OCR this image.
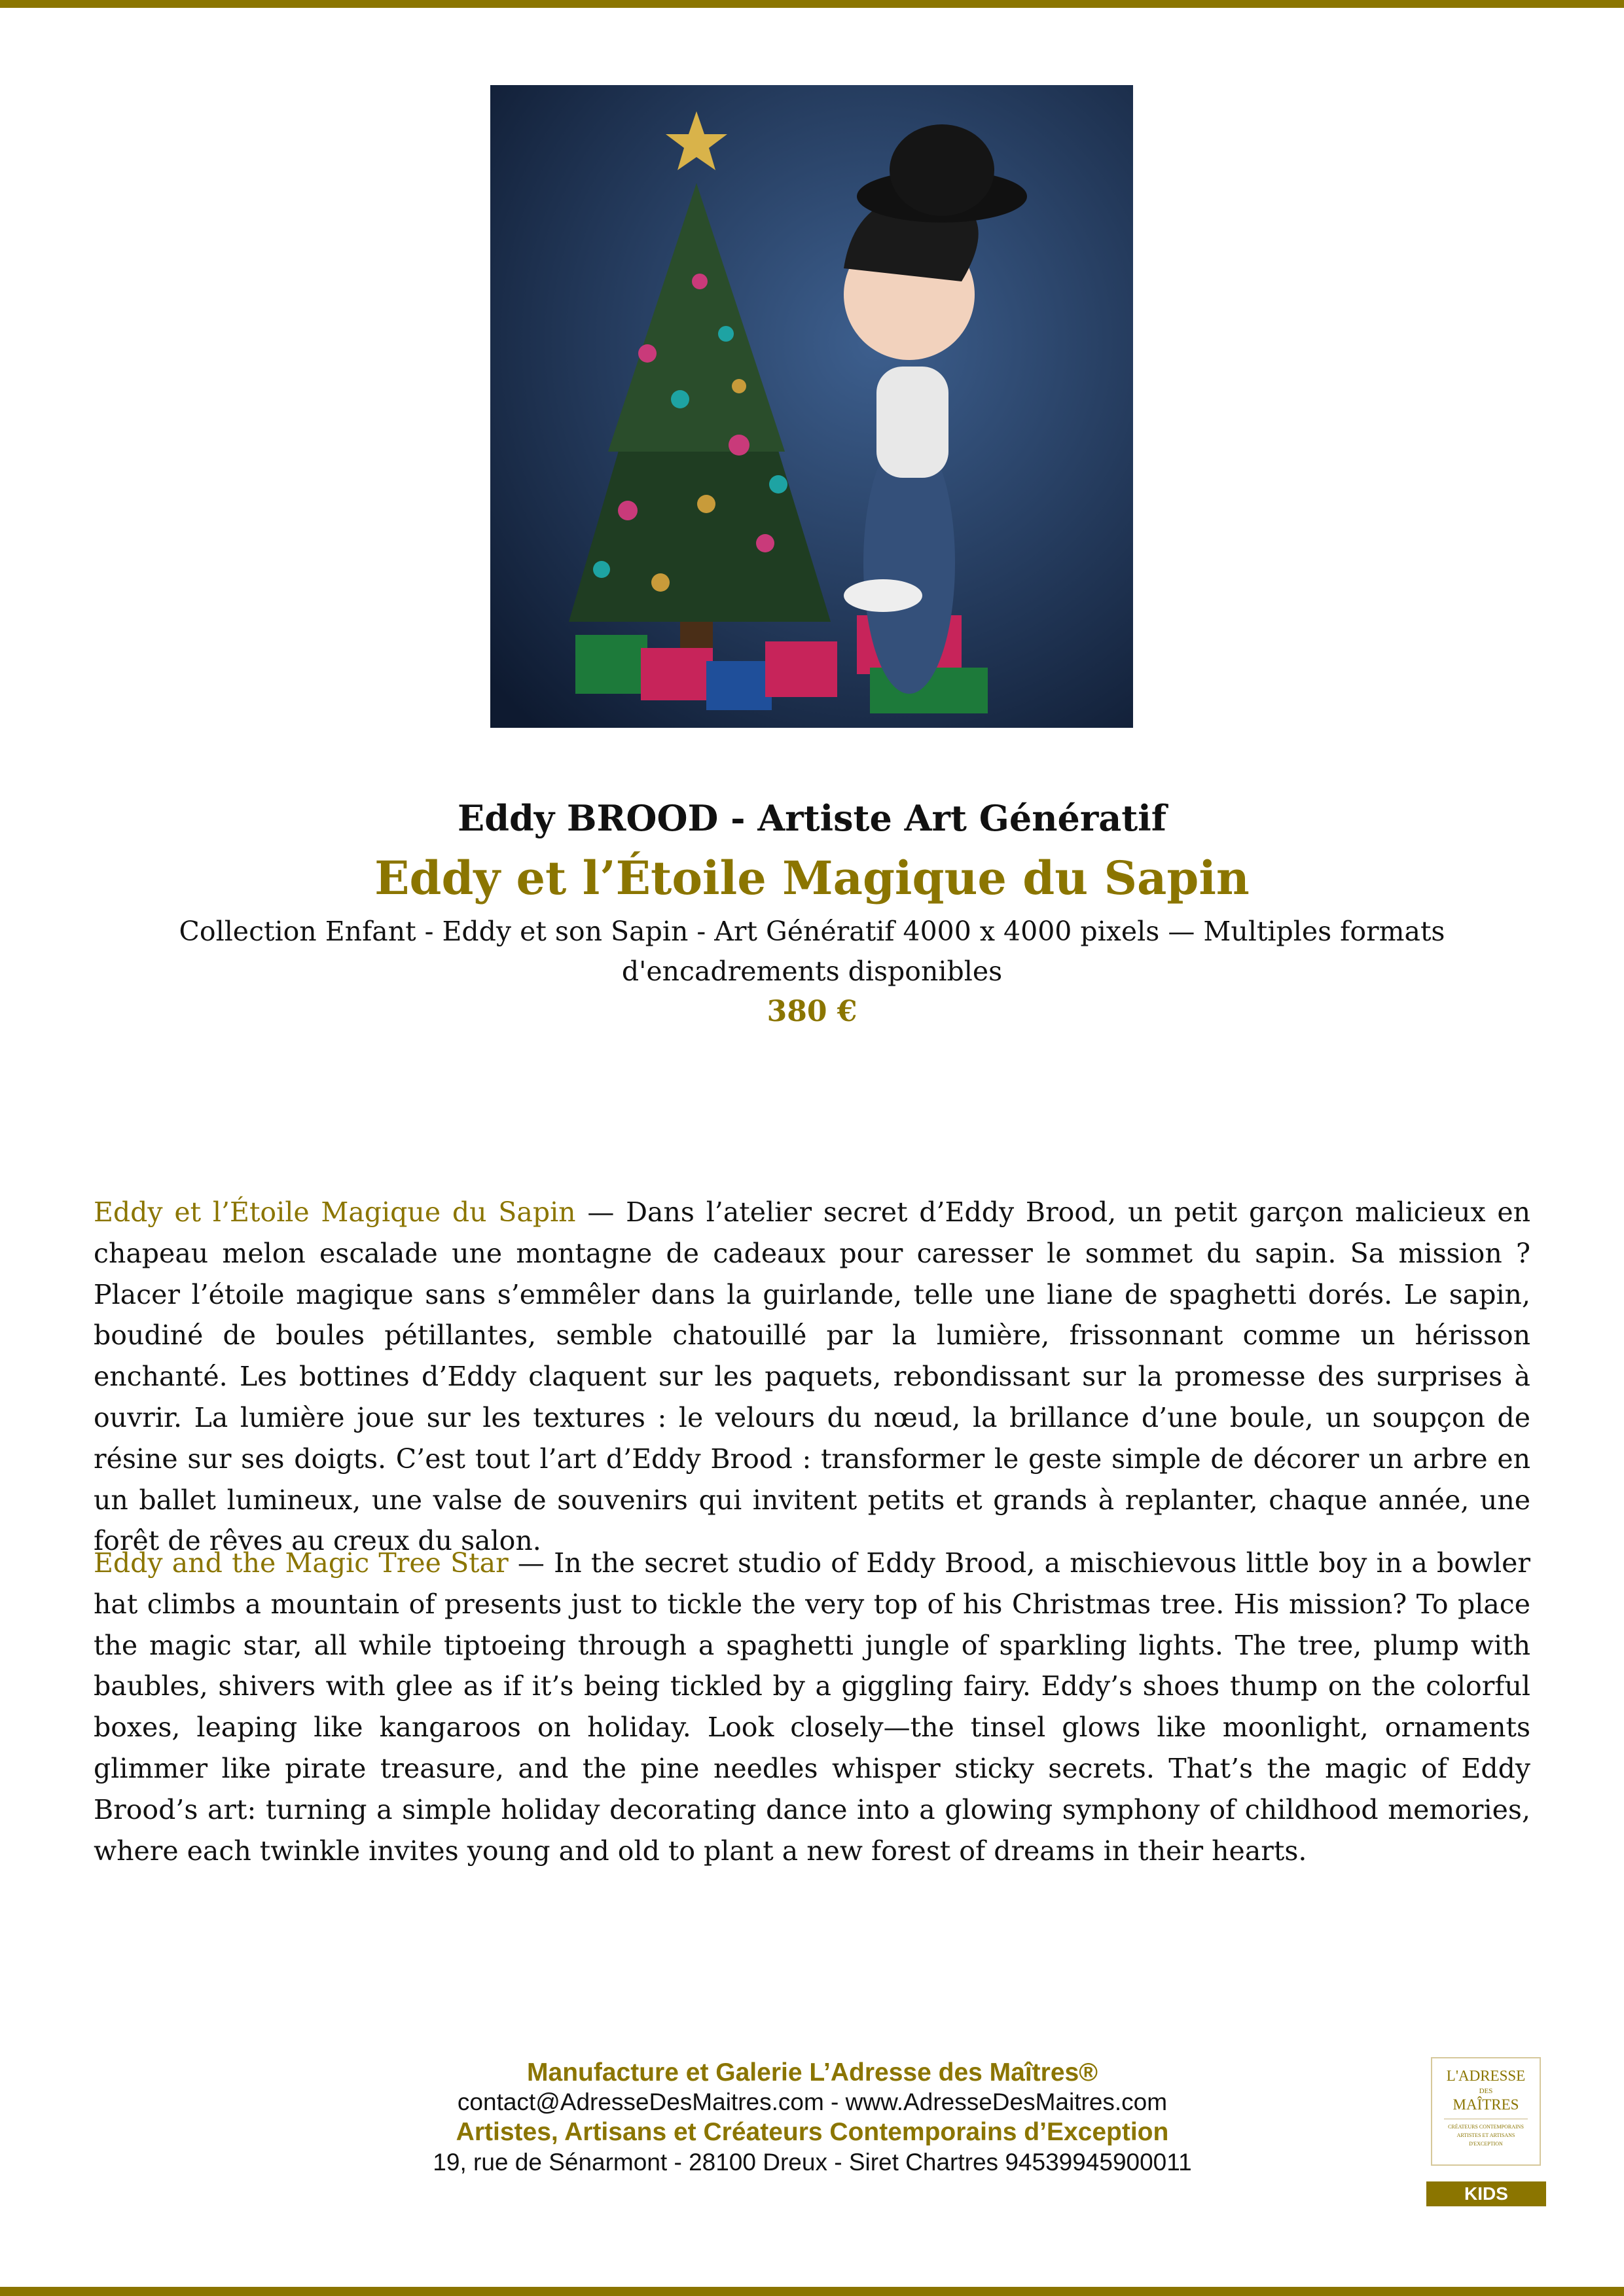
Eddy BROOD - Artiste Art Génératif
Eddy et l’Étoile Magique du Sapin
Collection Enfant - Eddy et son Sapin - Art Génératif 4000 x 4000 pixels — Multiples formats d'encadrements disponibles
380 €

Eddy et l’Étoile Magique du Sapin — Dans l’atelier secret d’Eddy Brood, un petit garçon malicieux en chapeau melon escalade une montagne de cadeaux pour caresser le sommet du sapin. Sa mission ? Placer l’étoile magique sans s’emmêler dans la guirlande, telle une liane de spaghetti dorés. Le sapin, boudiné de boules pétillantes, semble chatouillé par la lumière, frissonnant comme un hérisson enchanté. Les bottines d’Eddy claquent sur les paquets, rebondissant sur la promesse des surprises à ouvrir. La lumière joue sur les textures : le velours du nœud, la brillance d’une boule, un soupçon de résine sur ses doigts. C’est tout l’art d’Eddy Brood : transformer le geste simple de décorer un arbre en un ballet lumineux, une valse de souvenirs qui invitent petits et grands à replanter, chaque année, une forêt de rêves au creux du salon.

Eddy and the Magic Tree Star — In the secret studio of Eddy Brood, a mischievous little boy in a bowler hat climbs a mountain of presents just to tickle the very top of his Christmas tree. His mission? To place the magic star, all while tiptoeing through a spaghetti jungle of sparkling lights. The tree, plump with baubles, shivers with glee as if it’s being tickled by a giggling fairy. Eddy’s shoes thump on the colorful boxes, leaping like kangaroos on holiday. Look closely—the tinsel glows like moonlight, ornaments glimmer like pirate treasure, and the pine needles whisper sticky secrets. That’s the magic of Eddy Brood’s art: turning a simple holiday decorating dance into a glowing symphony of childhood memories, where each twinkle invites young and old to plant a new forest of dreams in their hearts.

Manufacture et Galerie L’Adresse des Maîtres®
contact@AdresseDesMaitres.com - www.AdresseDesMaitres.com
Artistes, Artisans et Créateurs Contemporains d’Exception
19, rue de Sénarmont - 28100 Dreux - Siret Chartres 94539945900011
L'ADRESSE
DES
MAÎTRES
CRÉATEURS CONTEMPORAINS
ARTISTES ET ARTISANS
D'EXCEPTION
KIDS
